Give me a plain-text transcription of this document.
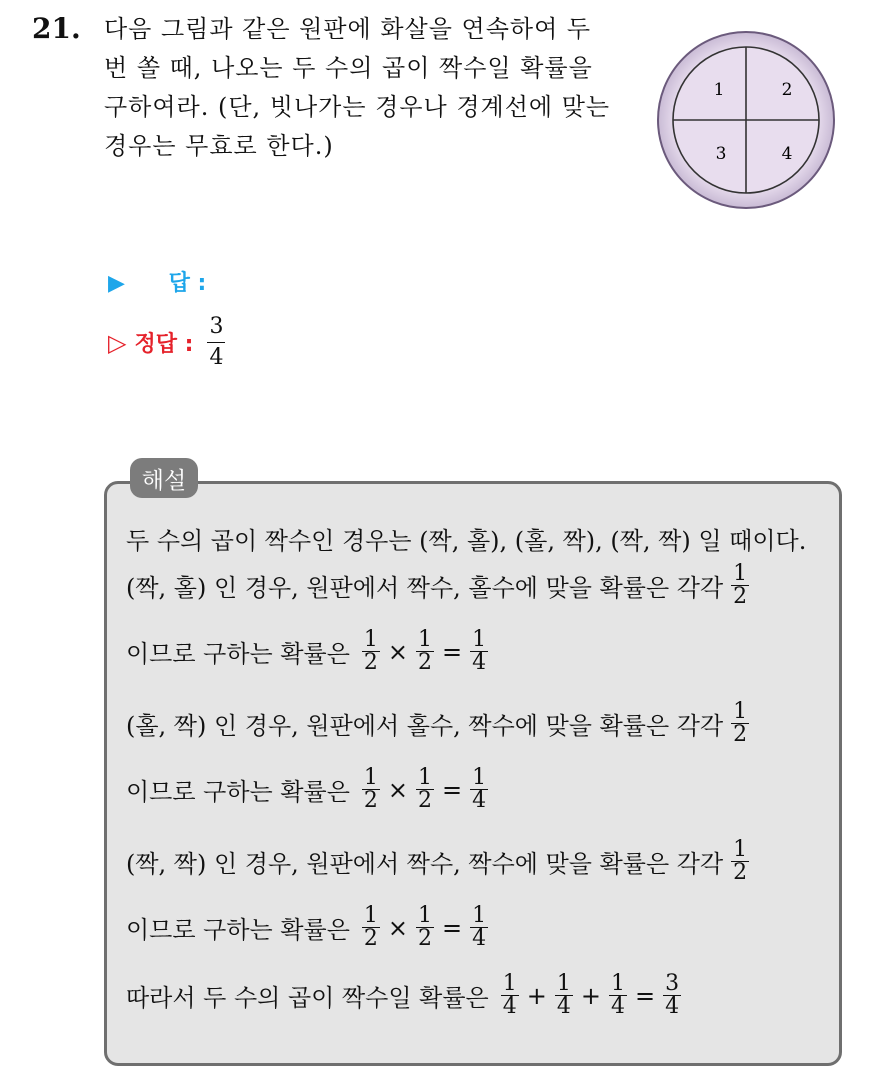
21. 다음 그림과 같은 원판에 화살을 연속하여 두
번 쏠 때, 나오는 두 수의 곱이 짝수일 확률을
구하여라. (단, 빗나가는 경우나 경계선에 맞는
경우는 무효로 한다.)
1	2
3	4
▶ 답 :
▷ 정답 : $\frac{3}{4}$
해설
두 수의 곱이 짝수인 경우는 (짝, 홀), (홀, 짝), (짝, 짝) 일 때이다.
(짝, 홀) 인 경우, 원판에서 짝수, 홀수에 맞을 확률은 각각 $\frac{1}{2}$
이므로 구하는 확률은 $\frac{1}{2} \times \frac{1}{2} = \frac{1}{4}$
(홀, 짝) 인 경우, 원판에서 홀수, 짝수에 맞을 확률은 각각 $\frac{1}{2}$
이므로 구하는 확률은 $\frac{1}{2} \times \frac{1}{2} = \frac{1}{4}$
(짝, 짝) 인 경우, 원판에서 짝수, 짝수에 맞을 확률은 각각 $\frac{1}{2}$
이므로 구하는 확률은 $\frac{1}{2} \times \frac{1}{2} = \frac{1}{4}$
따라서 두 수의 곱이 짝수일 확률은 $\frac{1}{4} + \frac{1}{4} + \frac{1}{4} = \frac{3}{4}$
